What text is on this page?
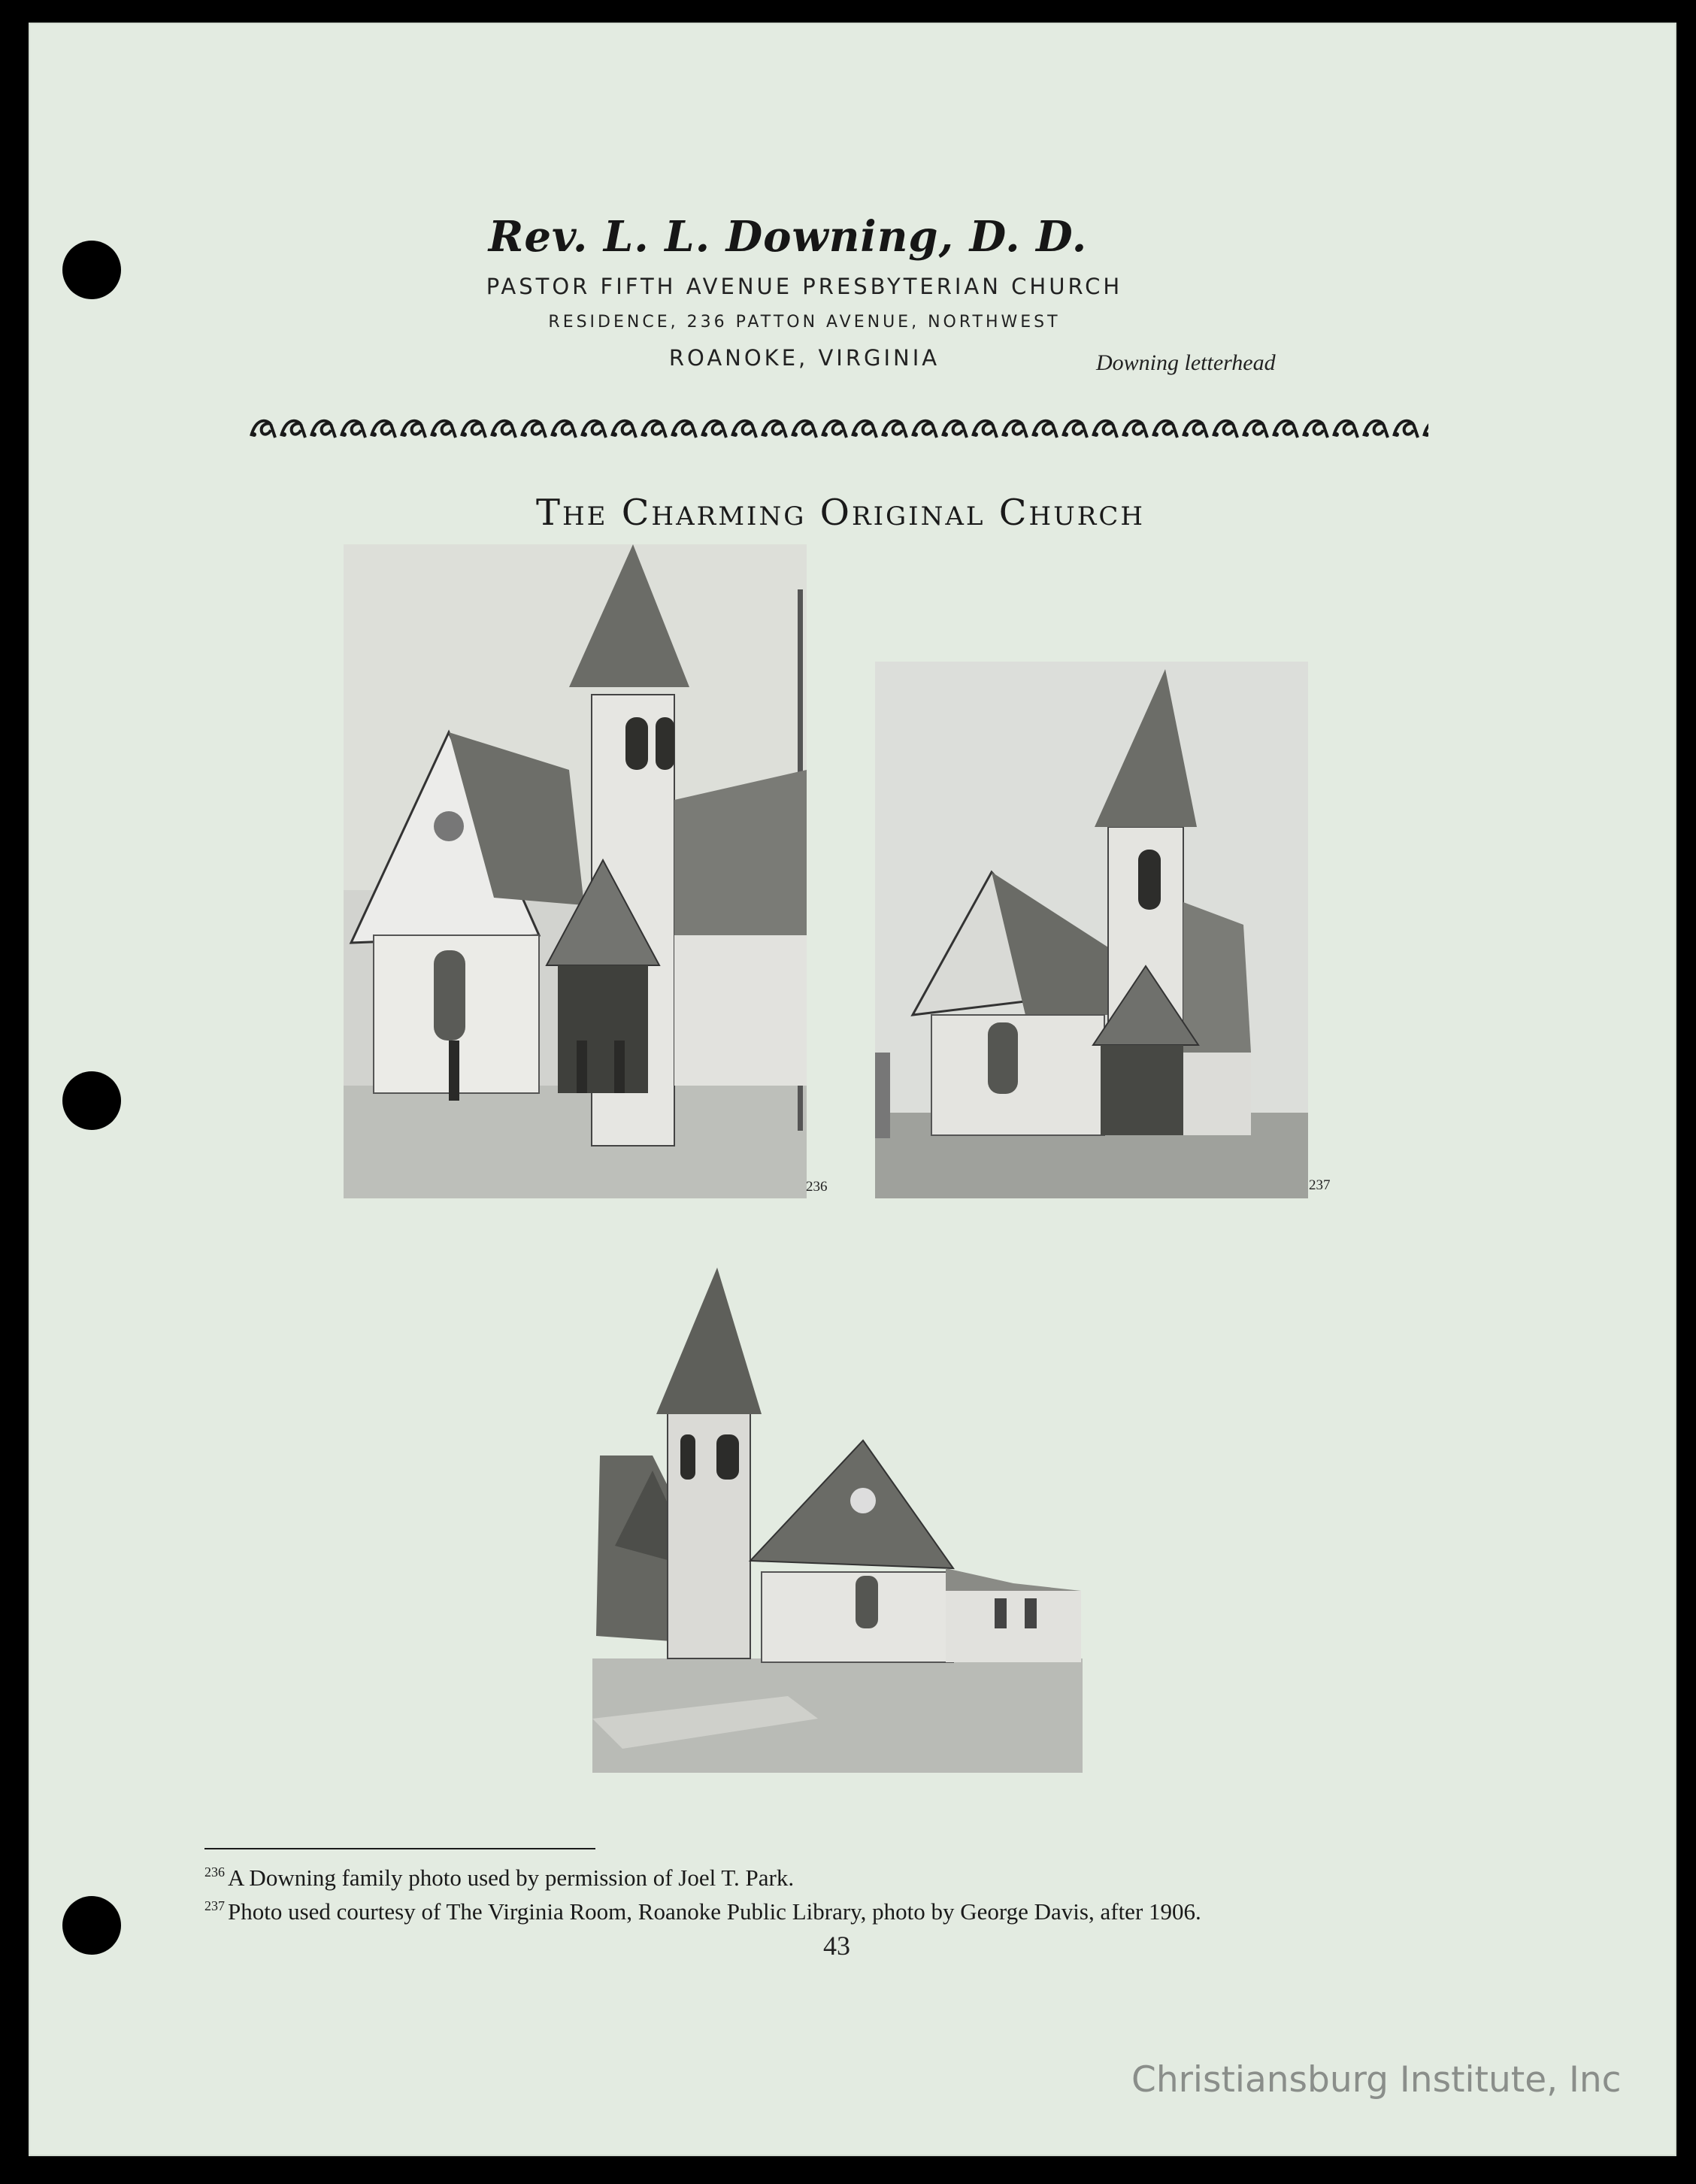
Rev. L. L. Downing, D. D.
PASTOR FIFTH AVENUE PRESBYTERIAN CHURCH
RESIDENCE, 236 PATTON AVENUE, NORTHWEST
ROANOKE, VIRGINIA	Downing letterhead
The Charming Original Church
236	237
$^{236}$ A Downing family photo used by permission of Joel T. Park.
$^{237}$ Photo used courtesy of The Virginia Room, Roanoke Public Library, photo by George Davis, after 1906.
43
Christiansburg Institute, Inc
